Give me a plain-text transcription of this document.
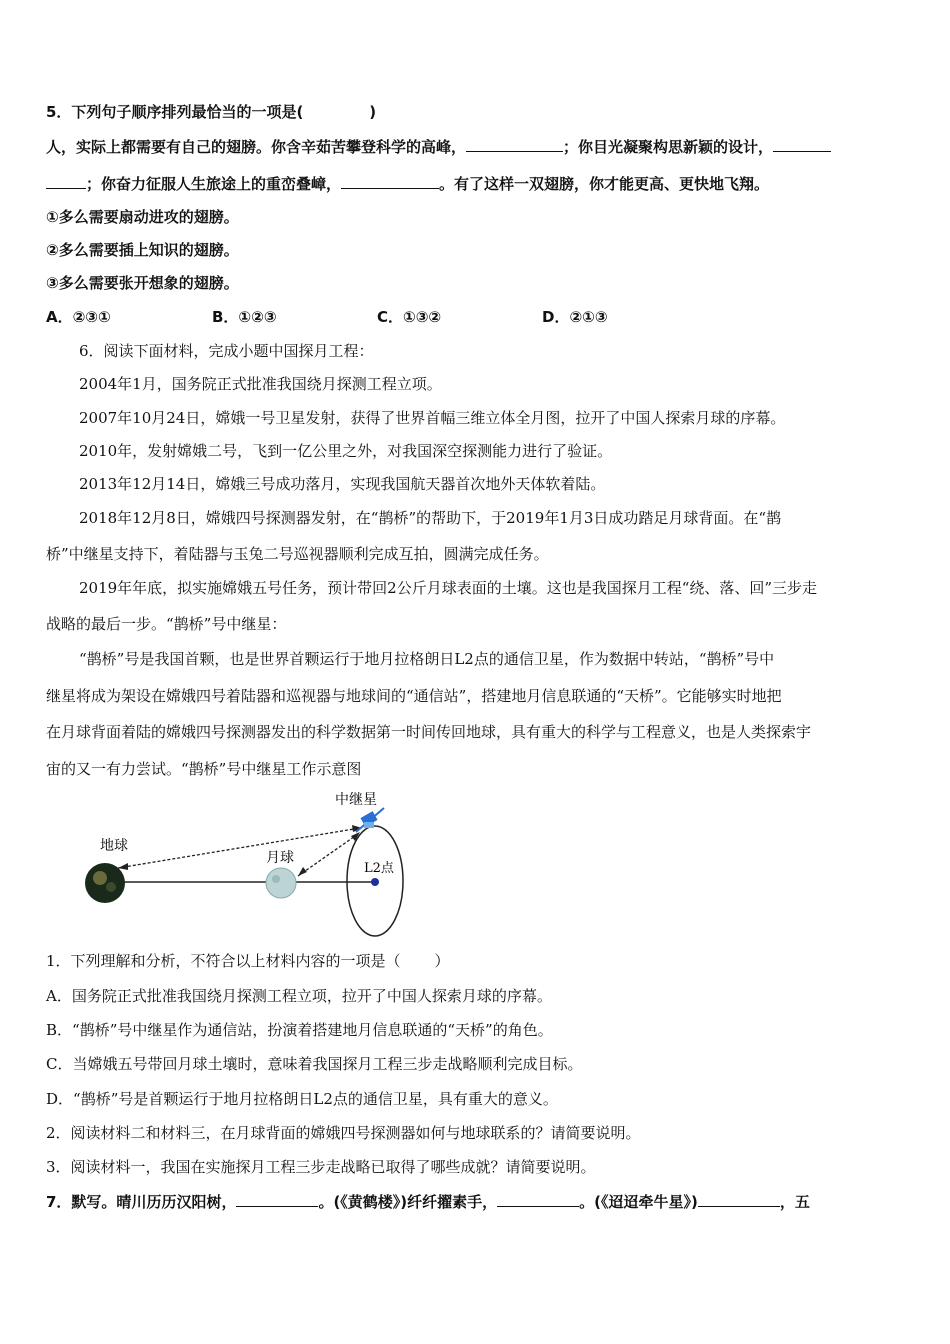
5．下列句子顺序排列最恰当的一项是(	)
人，实际上都需要有自己的翅膀。你含辛茹苦攀登科学的高峰，	；你目光凝聚构思新颖的设计，
；你奋力征服人生旅途上的重峦叠嶂，	。有了这样一双翅膀，你才能更高、更快地飞翔。
①多么需要扇动进攻的翅膀。
②多么需要插上知识的翅膀。
③多么需要张开想象的翅膀。
A．②③①	B．①②③	C．①③②	D．②①③
6．阅读下面材料，完成小题中国探月工程：
2004年1月，国务院正式批准我国绕月探测工程立项。
2007年10月24日，嫦娥一号卫星发射，获得了世界首幅三维立体全月图，拉开了中国人探索月球的序幕。
2010年，发射嫦娥二号，飞到一亿公里之外，对我国深空探测能力进行了验证。
2013年12月14日，嫦娥三号成功落月，实现我国航天器首次地外天体软着陆。
2018年12月8日，嫦娥四号探测器发射，在“鹊桥”的帮助下，于2019年1月3日成功踏足月球背面。在“鹊
桥”中继星支持下，着陆器与玉兔二号巡视器顺利完成互拍，圆满完成任务。
2019年年底，拟实施嫦娥五号任务，预计带回2公斤月球表面的土壤。这也是我国探月工程“绕、落、回”三步走
战略的最后一步。“鹊桥”号中继星：
“鹊桥”号是我国首颗，也是世界首颗运行于地月拉格朗日L2点的通信卫星，作为数据中转站，“鹊桥”号中
继星将成为架设在嫦娥四号着陆器和巡视器与地球间的“通信站”，搭建地月信息联通的“天桥”。它能够实时地把
在月球背面着陆的嫦娥四号探测器发出的科学数据第一时间传回地球，具有重大的科学与工程意义，也是人类探索宇
宙的又一有力尝试。“鹊桥”号中继星工作示意图
地球
月球
中继星
L2点
1．下列理解和分析，不符合以上材料内容的一项是（ ）
A．国务院正式批准我国绕月探测工程立项，拉开了中国人探索月球的序幕。
B．“鹊桥”号中继星作为通信站，扮演着搭建地月信息联通的“天桥”的角色。
C．当嫦娥五号带回月球土壤时，意味着我国探月工程三步走战略顺利完成目标。
D．“鹊桥”号是首颗运行于地月拉格朗日L2点的通信卫星，具有重大的意义。
2．阅读材料二和材料三，在月球背面的嫦娥四号探测器如何与地球联系的？请简要说明。
3．阅读材料一，我国在实施探月工程三步走战略已取得了哪些成就？请简要说明。
7．默写。晴川历历汉阳树，	。(《黄鹤楼》)纤纤擢素手，	。(《迢迢牵牛星》)	，五
